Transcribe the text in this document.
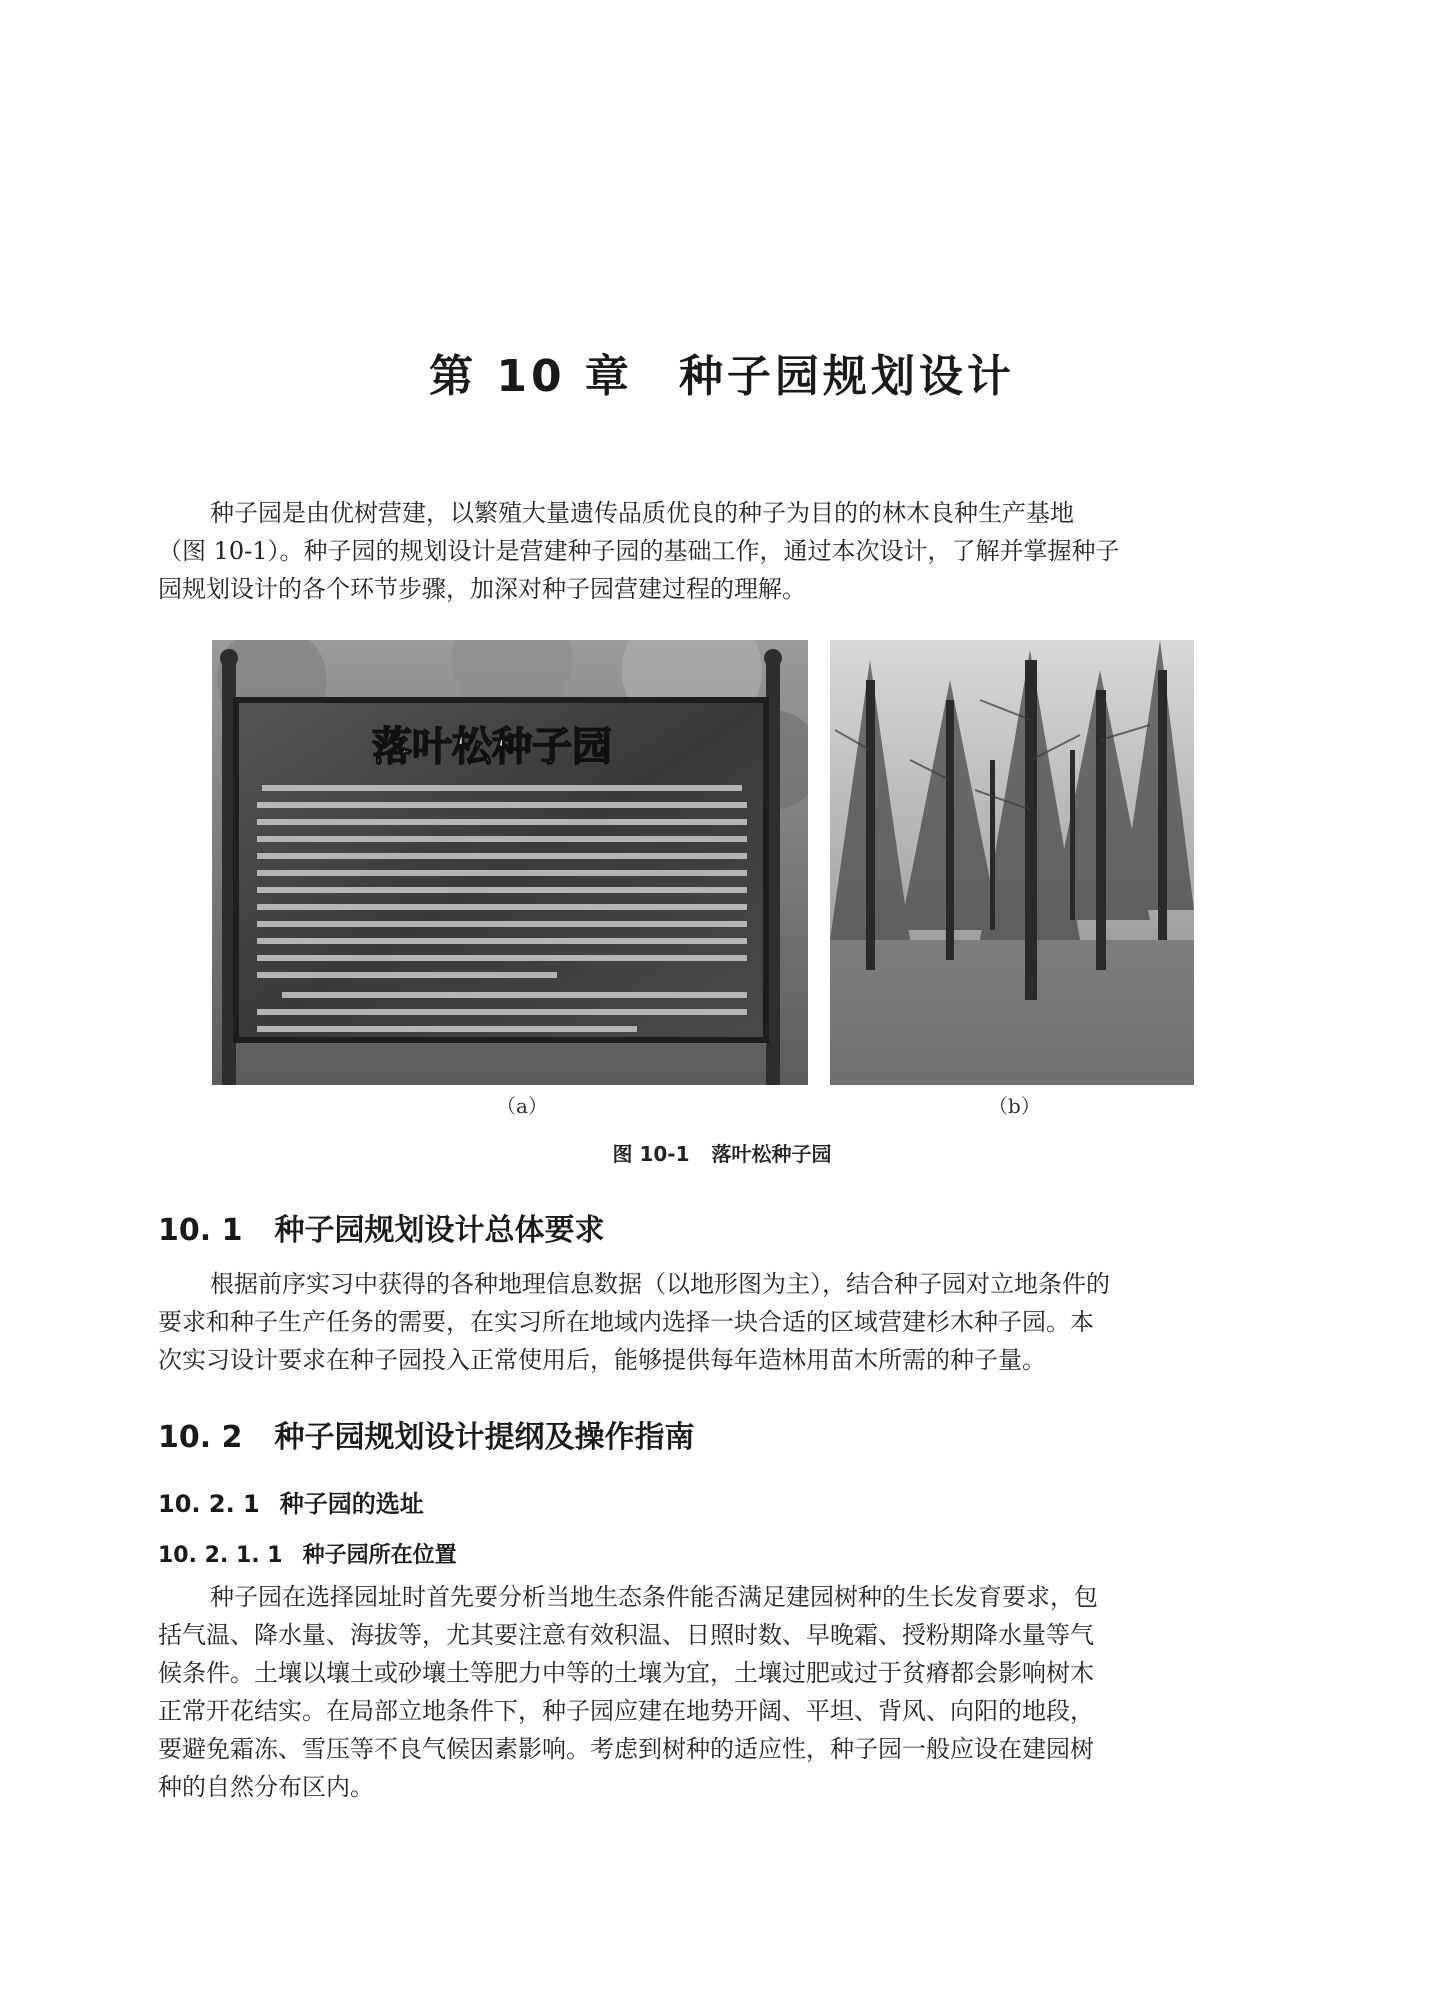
第 10 章 种子园规划设计
种子园是由优树营建，以繁殖大量遗传品质优良的种子为目的的林木良种生产基地
（图 10-1）。种子园的规划设计是营建种子园的基础工作，通过本次设计，了解并掌握种子
园规划设计的各个环节步骤，加深对种子园营建过程的理解。
落叶松种子园
（a）	（b）
图 10-1 落叶松种子园
10. 1 种子园规划设计总体要求
根据前序实习中获得的各种地理信息数据（以地形图为主），结合种子园对立地条件的
要求和种子生产任务的需要，在实习所在地域内选择一块合适的区域营建杉木种子园。本
次实习设计要求在种子园投入正常使用后，能够提供每年造林用苗木所需的种子量。
10. 2 种子园规划设计提纲及操作指南
10. 2. 1 种子园的选址
10. 2. 1. 1 种子园所在位置
种子园在选择园址时首先要分析当地生态条件能否满足建园树种的生长发育要求，包
括气温、降水量、海拔等，尤其要注意有效积温、日照时数、早晚霜、授粉期降水量等气
候条件。土壤以壤土或砂壤土等肥力中等的土壤为宜，土壤过肥或过于贫瘠都会影响树木
正常开花结实。在局部立地条件下，种子园应建在地势开阔、平坦、背风、向阳的地段，
要避免霜冻、雪压等不良气候因素影响。考虑到树种的适应性，种子园一般应设在建园树
种的自然分布区内。
